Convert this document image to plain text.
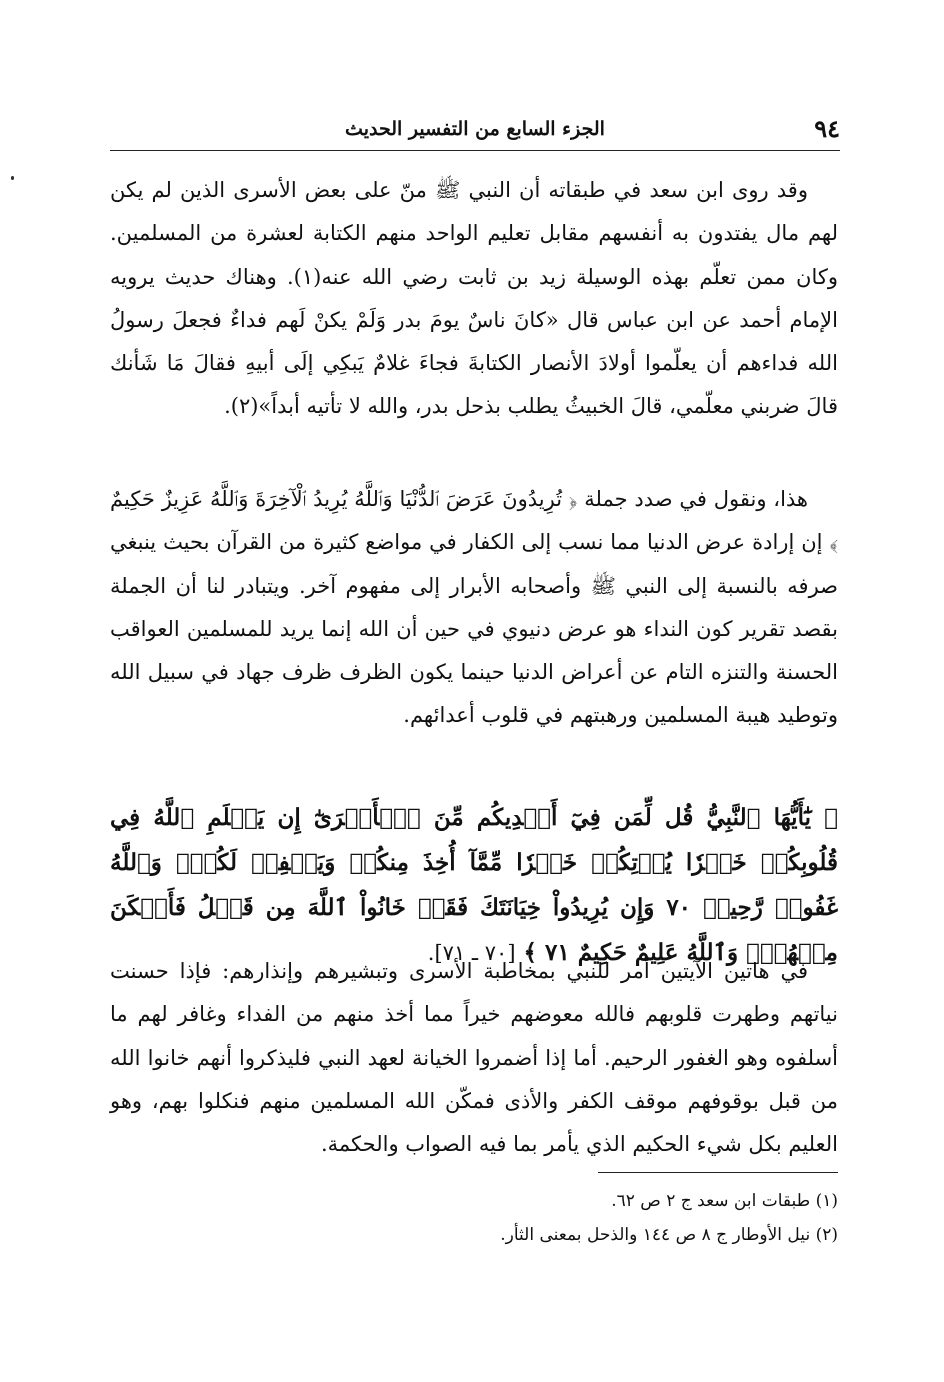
٩٤
الجزء السابع من التفسير الحديث

وقد روى ابن سعد في طبقاته أن النبي ﷺ منّ على بعض الأسرى الذين لم يكن لهم مال يفتدون به أنفسهم مقابل تعليم الواحد منهم الكتابة لعشرة من المسلمين. وكان ممن تعلّم بهذه الوسيلة زيد بن ثابت رضي الله عنه(١). وهناك حديث يرويه الإمام أحمد عن ابن عباس قال «كانَ ناسٌ يومَ بدر وَلَمْ يكنْ لَهم فداءٌ فجعلَ رسولُ الله فداءهم أن يعلّموا أولادَ الأنصار الكتابةَ فجاءَ غلامٌ يَبكِي إلَى أبيهِ فقالَ مَا شَأنك قالَ ضربني معلّمي، قالَ الخبيثُ يطلب بذحل بدر، والله لا تأتيه أبداً»(٢).

هذا، ونقول في صدد جملة ﴿ تُرِيدُونَ عَرَضَ ٱلدُّنْيَا وَٱللَّهُ يُرِيدُ ٱلْآخِرَةَ وَٱللَّهُ عَزِيزٌ حَكِيمٌ ﴾ إن إرادة عرض الدنيا مما نسب إلى الكفار في مواضع كثيرة من القرآن بحيث ينبغي صرفه بالنسبة إلى النبي ﷺ وأصحابه الأبرار إلى مفهوم آخر. ويتبادر لنا أن الجملة بقصد تقرير كون النداء هو عرض دنيوي في حين أن الله إنما يريد للمسلمين العواقب الحسنة والتنزه التام عن أعراض الدنيا حينما يكون الظرف ظرف جهاد في سبيل الله وتوطيد هيبة المسلمين ورهبتهم في قلوب أعدائهم.

﴿ يَٰٓأَيُّهَا ٱلنَّبِيُّ قُل لِّمَن فِيٓ أَيۡدِيكُم مِّنَ ٱلۡأَسۡرَىٰٓ إِن يَعۡلَمِ ٱللَّهُ فِي قُلُوبِكُمۡ خَيۡرٗا يُؤۡتِكُمۡ خَيۡرٗا مِّمَّآ أُخِذَ مِنكُمۡ وَيَغۡفِرۡ لَكُمۡۚ وَٱللَّهُ غَفُورٞ رَّحِيمٞ ٧٠ وَإِن يُرِيدُواْ خِيَانَتَكَ فَقَدۡ خَانُواْ ٱللَّهَ مِن قَبۡلُ فَأَمۡكَنَ مِنۡهُمۡۗ وَٱللَّهُ عَلِيمٌ حَكِيمٌ ٧١ ﴾ [٧٠ ـ ٧١].

في هاتين الآيتين أمر للنبي بمخاطبة الأسرى وتبشيرهم وإنذارهم: فإذا حسنت نياتهم وطهرت قلوبهم فالله معوضهم خيراً مما أخذ منهم من الفداء وغافر لهم ما أسلفوه وهو الغفور الرحيم. أما إذا أضمروا الخيانة لعهد النبي فليذكروا أنهم خانوا الله من قبل بوقوفهم موقف الكفر والأذى فمكّن الله المسلمين منهم فنكلوا بهم، وهو العليم بكل شيء الحكيم الذي يأمر بما فيه الصواب والحكمة.

(١) طبقات ابن سعد ج ٢ ص ٦٢.
(٢) نيل الأوطار ج ٨ ص ١٤٤ والذحل بمعنى الثأر.
